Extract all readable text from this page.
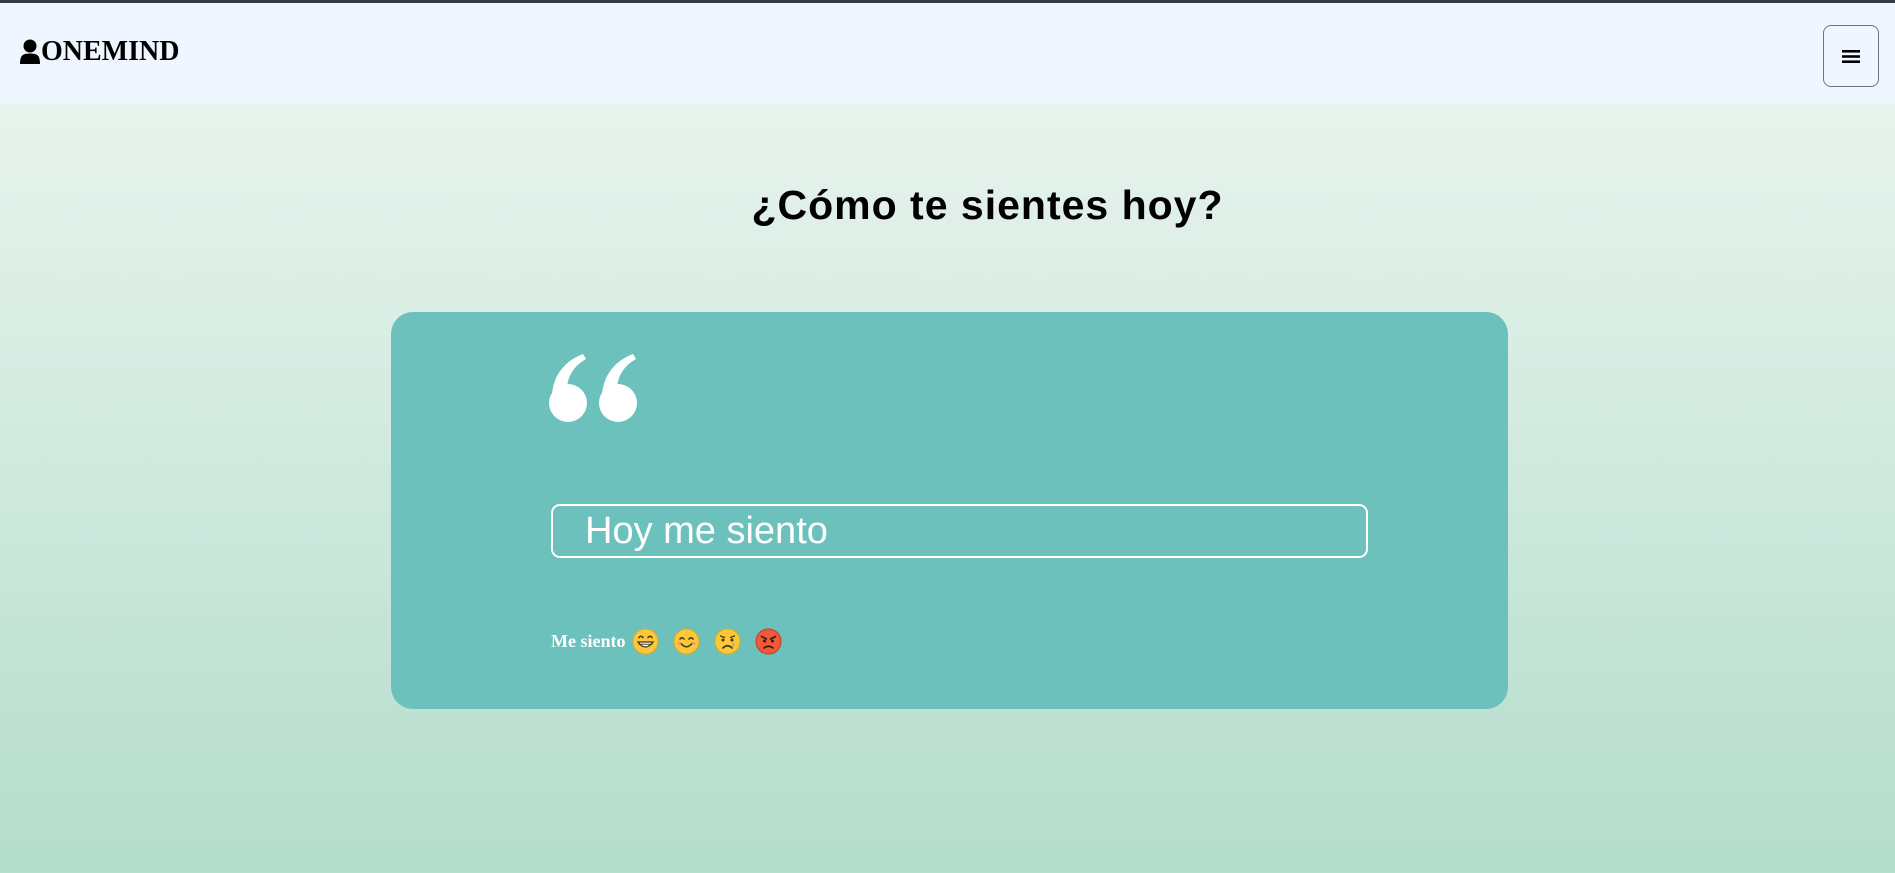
ONEMIND
¿Cómo te sientes hoy?
Hoy me siento
Me siento
